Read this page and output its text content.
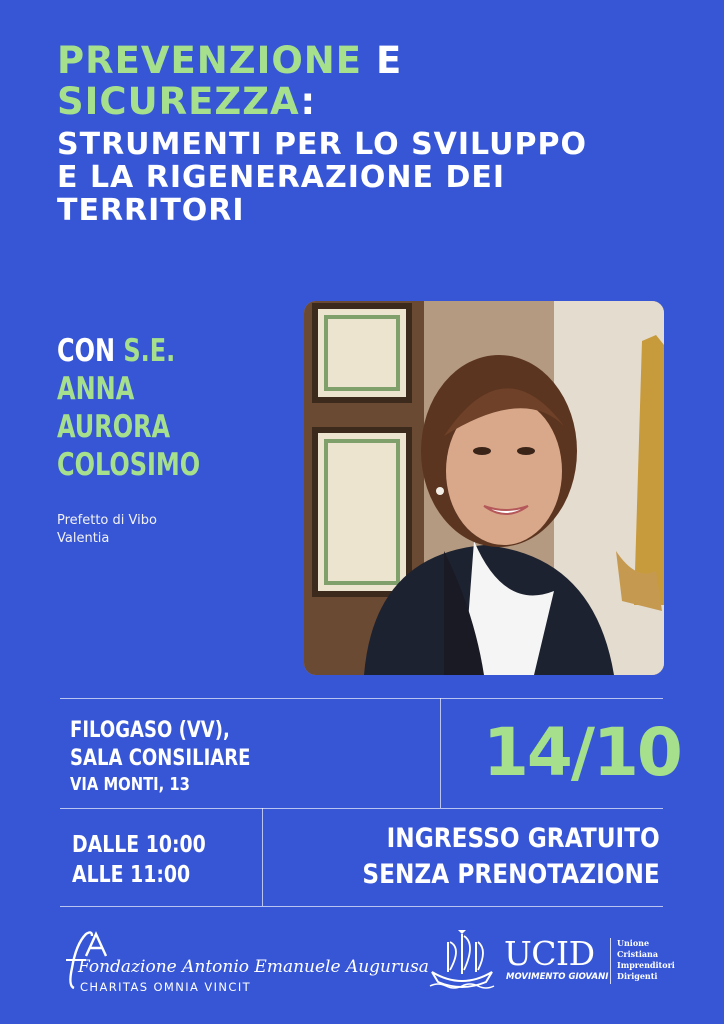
PREVENZIONE E
SICUREZZA:
STRUMENTI PER LO SVILUPPO
E LA RIGENERAZIONE DEI
TERRITORI
CON S.E. ANNA
AURORA
COLOSIMO
Prefetto di Vibo
Valentia
FILOGASO (VV),
SALA CONSILIARE
VIA MONTI, 13	14/10
DALLE 10:00
ALLE 11:00
INGRESSO GRATUITO
SENZA PRENOTAZIONE
Fondazione Antonio Emanuele Augurusa
CHARITAS OMNIA VINCIT
UCID
MOVIMENTO GIOVANI
Unione
Cristiana
Imprenditori
Dirigenti
